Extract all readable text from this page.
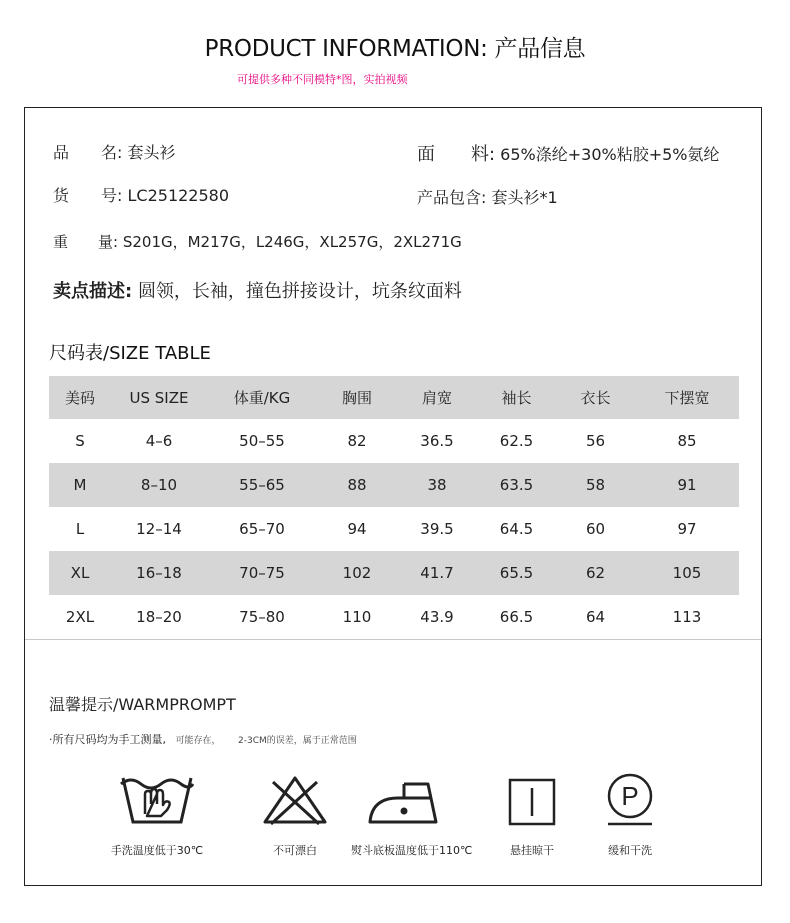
PRODUCT INFORMATION: 产品信息
可提供多种不同模特*图，实拍视频
品　　名: 套头衫	面　　料: 65%涤纶+30%粘胶+5%氨纶
货　　号: LC25122580	产品包含: 套头衫*1
重　　量: S201G，M217G，L246G，XL257G，2XL271G
卖点描述: 圆领，长袖，撞色拼接设计，坑条纹面料
尺码表/SIZE TABLE
美码	US SIZE	体重/KG	胸围	肩宽	袖长	衣长	下摆宽
S	4–6	50–55	82	36.5	62.5	56	85
M	8–10	55–65	88	38	63.5	58	91
L	12–14	65–70	94	39.5	64.5	60	97
XL	16–18	70–75	102	41.7	65.5	62	105
2XL	18–20	75–80	110	43.9	66.5	64	113
温馨提示/WARMPROMPT
·所有尺码均为手工测量, 可能存在， 2-3CM的误差，属于正常范围
手洗温度低于30℃	不可漂白	熨斗底板温度低于110℃	悬挂晾干
P
缓和干洗
